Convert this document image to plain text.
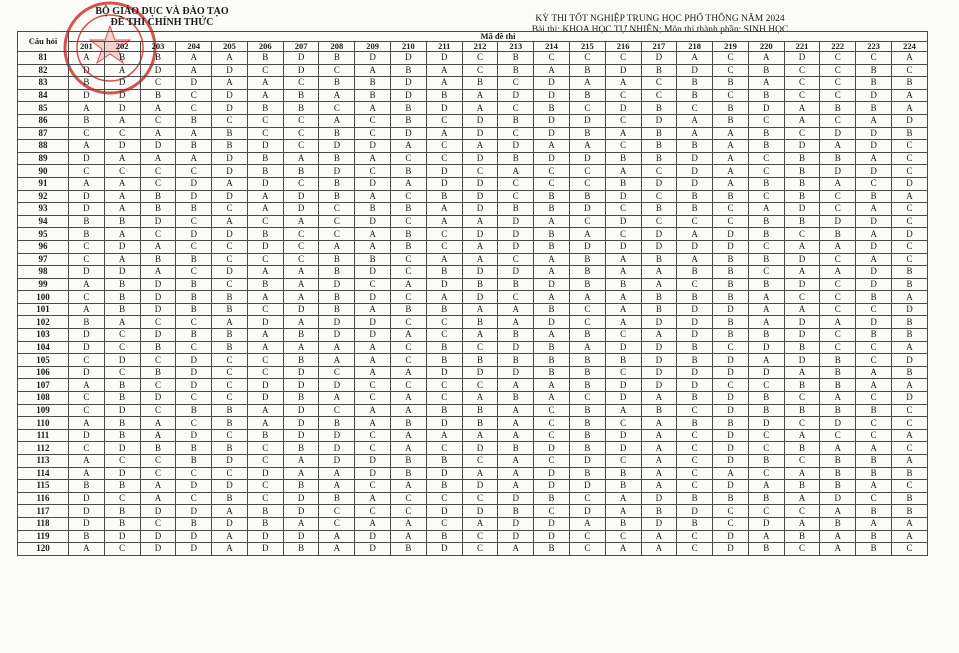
BỘ GIÁO DỤC VÀ ĐÀO TẠO
ĐỀ THI CHÍNH THỨC	KỲ THI TỐT NGHIỆP TRUNG HỌC PHỔ THÔNG NĂM 2024
Bài thi: KHOA HỌC TỰ NHIÊN; Môn thi thành phần: SINH HỌC
Câu hỏi	Mã đề thi																							
	201	202	203	204	205	206	207	208	209	210	211	212	213	214	215	216	217	218	219	220	221	222	223	224
81	A	B	B	A	A	B	D	B	D	D	D	C	B	C	C	C	D	A	C	A	D	C	C	A
82	D	A	D	A	D	C	D	C	A	B	A	C	B	A	B	D	B	D	C	B	C	C	B	C
83	B	D	C	D	A	A	C	B	B	D	A	B	C	D	A	A	C	B	B	A	C	C	B	B
84	D	D	B	C	D	A	B	A	B	D	B	A	D	D	B	C	C	B	C	B	C	C	D	A
85	A	D	A	C	D	B	B	C	A	B	D	A	C	B	C	D	B	C	B	D	A	B	B	A
86	B	A	C	B	C	C	C	A	C	B	C	D	B	D	D	C	D	A	B	C	A	C	A	D
87	C	C	A	A	B	C	C	B	C	D	A	D	C	D	B	A	B	A	A	B	C	D	D	B
88	A	D	D	B	B	D	C	D	D	A	C	A	D	A	A	C	B	B	A	B	D	A	D	C
89	D	A	A	A	D	B	A	B	A	C	C	D	B	D	D	B	B	D	A	C	B	B	A	C
90	C	C	C	C	D	B	B	D	C	B	D	C	A	C	C	A	C	D	A	C	B	D	D	C
91	A	A	C	D	A	D	C	B	D	A	D	D	C	C	C	B	D	D	A	B	B	A	C	D
92	D	A	B	D	D	A	D	B	A	C	B	D	C	B	B	D	C	B	B	C	B	C	B	A
93	D	A	B	B	C	A	D	C	B	B	A	D	B	B	D	C	B	B	C	A	D	C	A	C
94	B	B	D	C	A	C	A	C	D	C	A	A	D	A	C	D	C	C	C	B	B	D	D	C
95	B	A	C	D	D	B	C	C	A	B	C	D	D	B	A	C	D	A	D	B	C	B	A	D
96	C	D	A	C	C	D	C	A	A	B	C	A	D	B	D	D	D	D	D	C	A	A	D	C
97	C	A	B	B	C	C	C	B	B	C	A	A	C	A	B	A	B	A	B	B	D	C	A	C
98	D	D	A	C	D	A	A	B	D	C	B	D	D	A	B	A	A	B	B	C	A	A	D	B
99	A	B	D	B	C	B	A	D	C	A	D	B	B	D	B	B	A	C	B	B	D	C	D	B
100	C	B	D	B	B	A	A	B	D	C	A	D	C	A	A	A	B	B	B	A	C	C	B	A
101	A	B	D	B	B	C	D	B	A	B	B	A	A	B	C	A	B	D	D	A	A	C	C	D
102	B	A	C	C	A	D	A	D	D	C	C	B	A	D	C	A	D	D	B	A	D	A	D	B
103	D	C	D	B	B	A	B	D	D	A	C	A	B	A	B	C	A	D	B	B	D	C	B	B
104	D	C	B	C	B	A	A	A	A	C	B	C	D	B	A	D	D	B	C	D	B	C	C	A
105	C	D	C	D	C	C	B	A	A	C	B	B	B	B	B	B	D	B	D	A	D	B	C	D
106	D	C	B	D	C	C	D	C	A	A	D	D	D	B	B	C	D	D	D	D	A	B	A	B
107	A	B	C	D	C	D	D	D	C	C	C	C	A	A	B	D	D	D	C	C	B	B	A	A
108	C	B	D	C	C	D	B	A	C	A	C	A	B	A	C	D	A	B	D	B	C	A	C	D
109	C	D	C	B	B	A	D	C	A	A	B	B	A	C	B	A	B	C	D	B	B	B	B	C
110	A	B	A	C	B	A	D	B	A	B	D	B	A	C	B	C	A	B	B	D	C	D	C	C
111	D	B	A	D	C	B	D	D	C	A	A	A	A	C	B	D	A	C	D	C	A	C	C	A
112	C	D	B	B	B	C	B	D	C	A	C	D	B	D	B	D	A	C	D	C	B	A	A	C
113	A	C	C	B	D	C	A	D	D	B	B	C	A	C	D	C	A	C	D	B	C	B	B	A
114	A	D	C	C	C	D	A	A	D	B	D	A	A	D	B	B	A	C	A	C	A	B	B	B
115	B	B	A	D	D	C	B	A	C	A	B	D	A	D	D	B	A	C	D	A	B	B	A	C
116	D	C	A	C	B	C	D	B	A	C	C	C	D	B	C	A	D	B	B	B	A	D	C	B
117	D	B	D	D	A	B	D	C	C	C	D	D	B	C	D	A	B	D	C	C	C	A	B	B
118	D	B	C	B	D	B	A	C	A	A	C	A	D	D	A	B	D	B	C	D	A	B	A	A
119	B	D	D	D	A	D	D	A	D	A	B	C	D	D	C	C	A	C	D	A	B	A	B	A
120	A	C	D	D	A	D	B	A	D	B	D	C	A	B	C	A	A	C	D	B	C	A	B	C
